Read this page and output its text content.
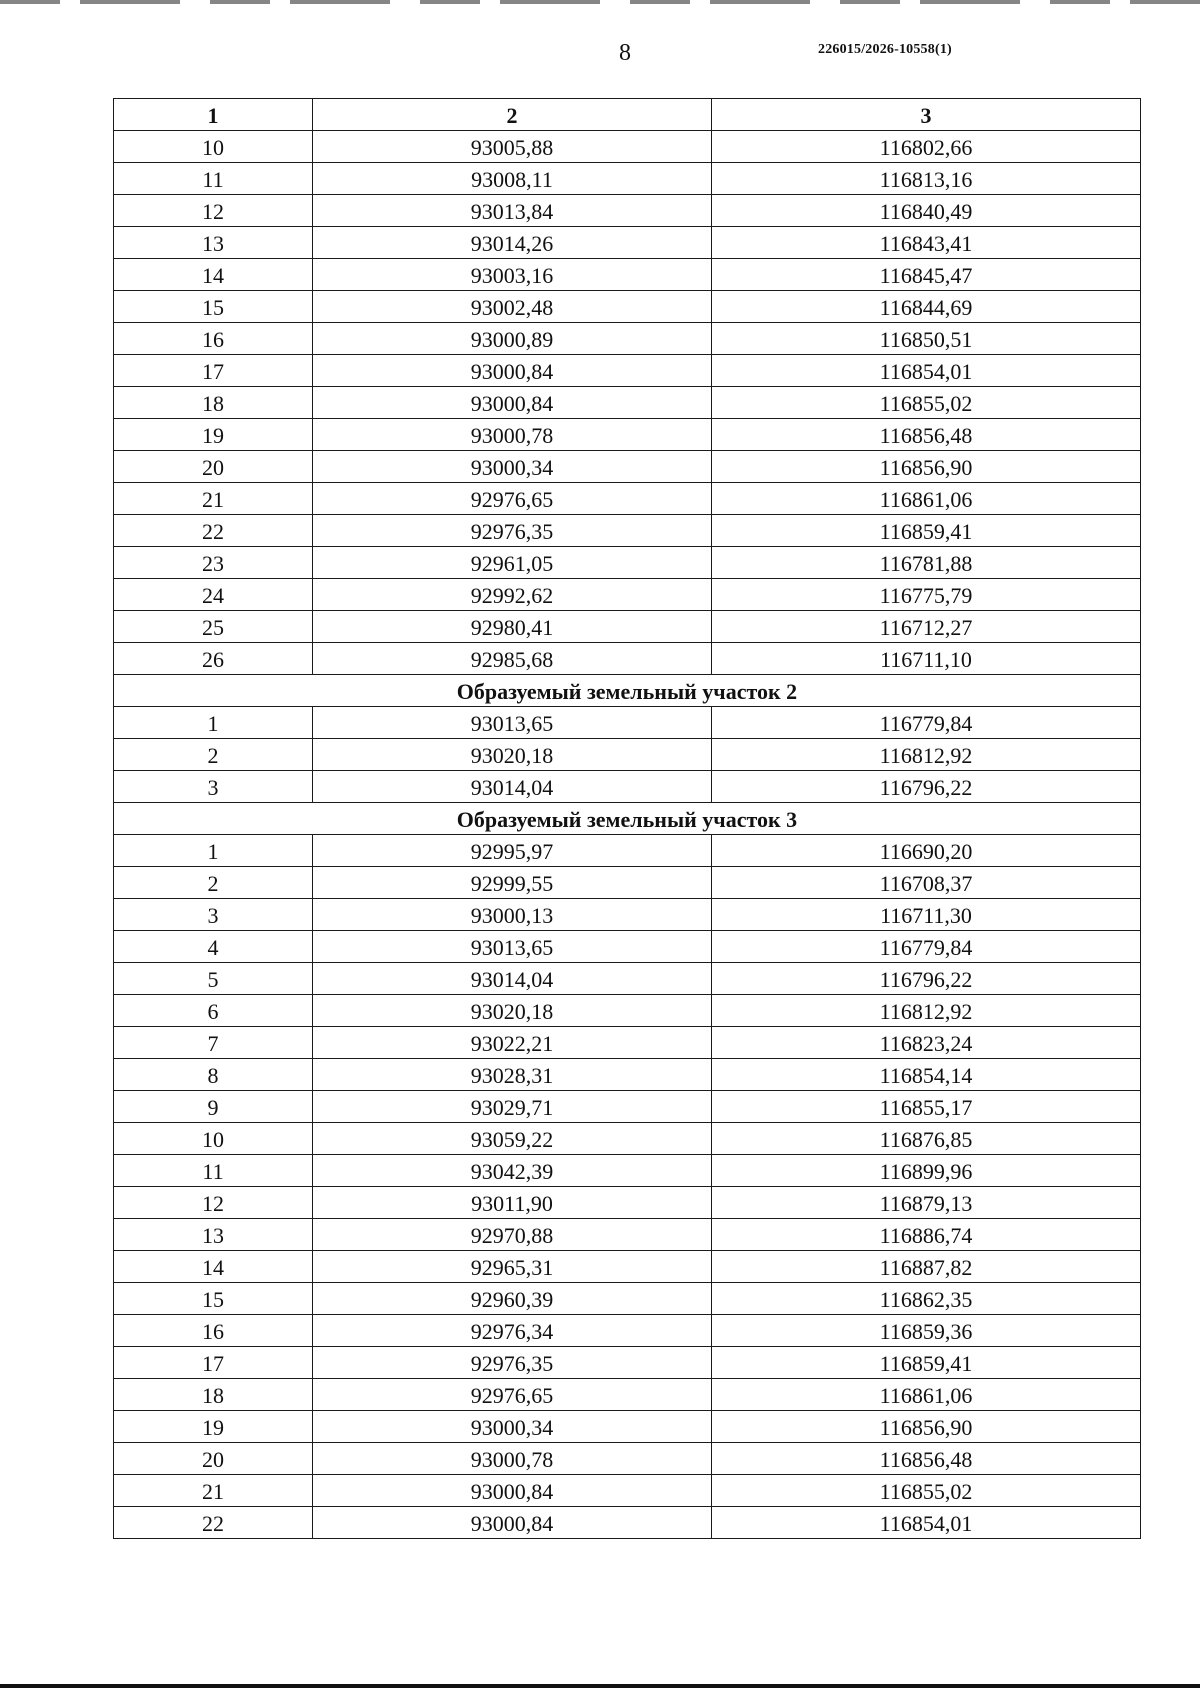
8	226015/2026-10558(1)
1	2	3
10	93005,88	116802,66
11	93008,11	116813,16
12	93013,84	116840,49
13	93014,26	116843,41
14	93003,16	116845,47
15	93002,48	116844,69
16	93000,89	116850,51
17	93000,84	116854,01
18	93000,84	116855,02
19	93000,78	116856,48
20	93000,34	116856,90
21	92976,65	116861,06
22	92976,35	116859,41
23	92961,05	116781,88
24	92992,62	116775,79
25	92980,41	116712,27
26	92985,68	116711,10
Образуемый земельный участок 2		
1	93013,65	116779,84
2	93020,18	116812,92
3	93014,04	116796,22
Образуемый земельный участок 3		
1	92995,97	116690,20
2	92999,55	116708,37
3	93000,13	116711,30
4	93013,65	116779,84
5	93014,04	116796,22
6	93020,18	116812,92
7	93022,21	116823,24
8	93028,31	116854,14
9	93029,71	116855,17
10	93059,22	116876,85
11	93042,39	116899,96
12	93011,90	116879,13
13	92970,88	116886,74
14	92965,31	116887,82
15	92960,39	116862,35
16	92976,34	116859,36
17	92976,35	116859,41
18	92976,65	116861,06
19	93000,34	116856,90
20	93000,78	116856,48
21	93000,84	116855,02
22	93000,84	116854,01
